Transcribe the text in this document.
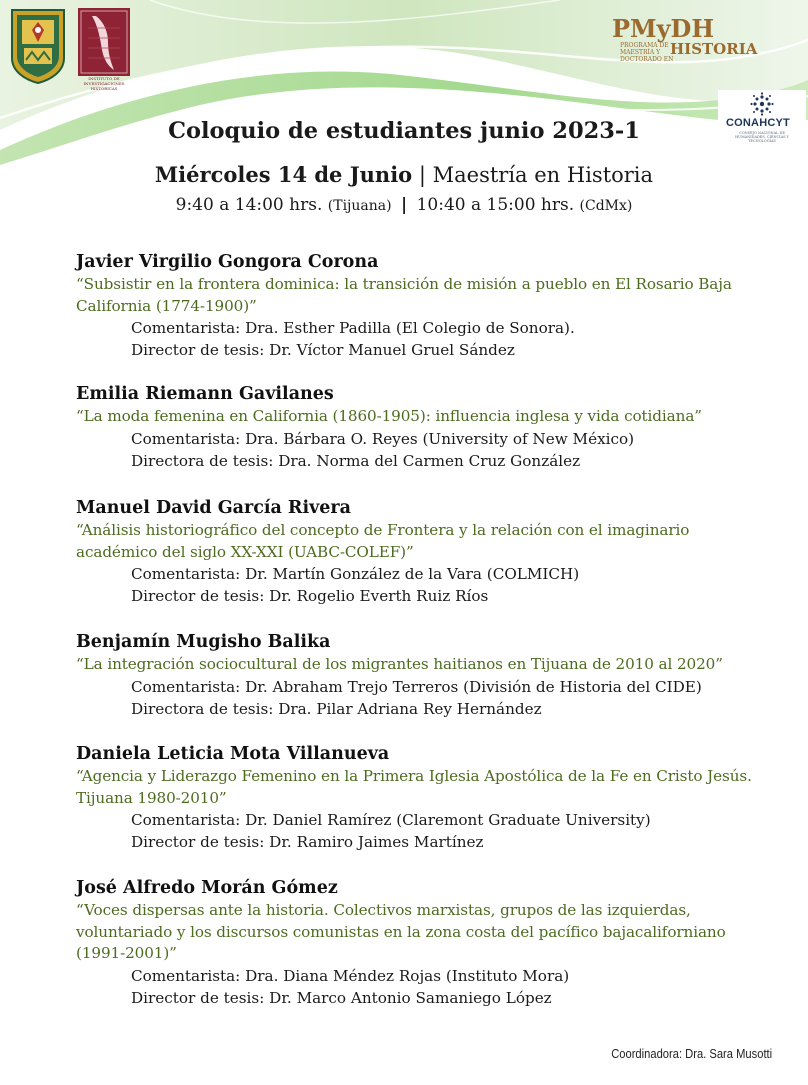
INSTITUTO DE INVESTIGACIONES HISTÓRICAS
PMyDH
PROGRAMA DE MAESTRÍA Y DOCTORADO EN
HISTORIA
CONAHCYT
CONSEJO NACIONAL DE HUMANIDADES, CIENCIAS Y TECNOLOGÍAS
Coloquio de estudiantes junio 2023-1
Miércoles 14 de Junio | Maestría en Historia
9:40 a 14:00 hrs. (Tijuana) | 10:40 a 15:00 hrs. (CdMx)
Javier Virgilio Gongora Corona
“Subsistir en la frontera dominica: la transición de misión a pueblo en El Rosario Baja California (1774-1900)”
Comentarista: Dra. Esther Padilla (El Colegio de Sonora).
Director de tesis: Dr. Víctor Manuel Gruel Sández
Emilia Riemann Gavilanes
“La moda femenina en California (1860-1905): influencia inglesa y vida cotidiana”
Comentarista: Dra. Bárbara O. Reyes (University of New México)
Directora de tesis: Dra. Norma del Carmen Cruz González
Manuel David García Rivera
“Análisis historiográfico del concepto de Frontera y la relación con el imaginario académico del siglo XX-XXI (UABC-COLEF)”
Comentarista: Dr. Martín González de la Vara (COLMICH)
Director de tesis: Dr. Rogelio Everth Ruiz Ríos
Benjamín Mugisho Balika
“La integración sociocultural de los migrantes haitianos en Tijuana de 2010 al 2020”
Comentarista: Dr. Abraham Trejo Terreros (División de Historia del CIDE)
Directora de tesis: Dra. Pilar Adriana Rey Hernández
Daniela Leticia Mota Villanueva
“Agencia y Liderazgo Femenino en la Primera Iglesia Apostólica de la Fe en Cristo Jesús. Tijuana 1980-2010”
Comentarista: Dr. Daniel Ramírez (Claremont Graduate University)
Director de tesis: Dr. Ramiro Jaimes Martínez
José Alfredo Morán Gómez
“Voces dispersas ante la historia. Colectivos marxistas, grupos de las izquierdas, voluntariado y los discursos comunistas en la zona costa del pacífico bajacaliforniano (1991-2001)”
Comentarista: Dra. Diana Méndez Rojas (Instituto Mora)
Director de tesis: Dr. Marco Antonio Samaniego López
Coordinadora: Dra. Sara Musotti
